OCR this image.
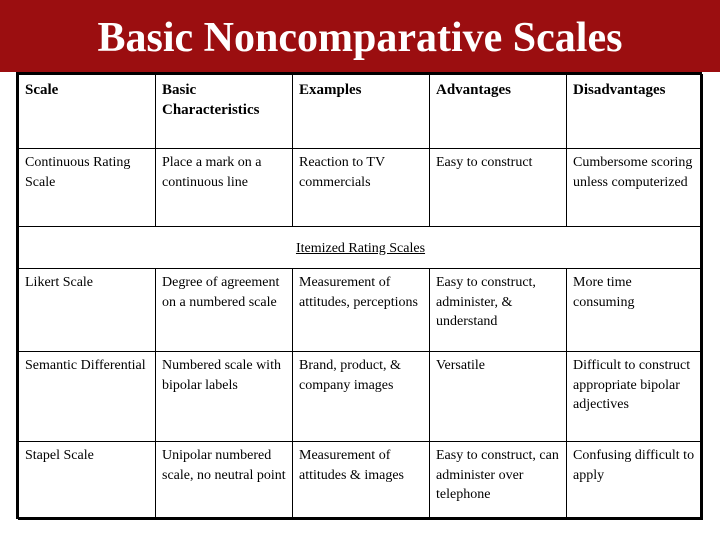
Basic Noncomparative Scales
Scale	Basic Characteristics	Examples	Advantages	Disadvantages
Continuous Rating Scale	Place a mark on a continuous line	Reaction to TV commercials	Easy to construct	Cumbersome scoring unless computerized
Itemized Rating Scales				
Likert Scale	Degree of agreement on a numbered scale	Measurement of attitudes, perceptions	Easy to construct, administer, & understand	More time consuming
Semantic Differential	Numbered scale with bipolar labels	Brand, product, & company images	Versatile	Difficult to construct appropriate bipolar adjectives
Stapel Scale	Unipolar numbered scale, no neutral point	Measurement of attitudes & images	Easy to construct, can administer over telephone	Confusing difficult to apply
